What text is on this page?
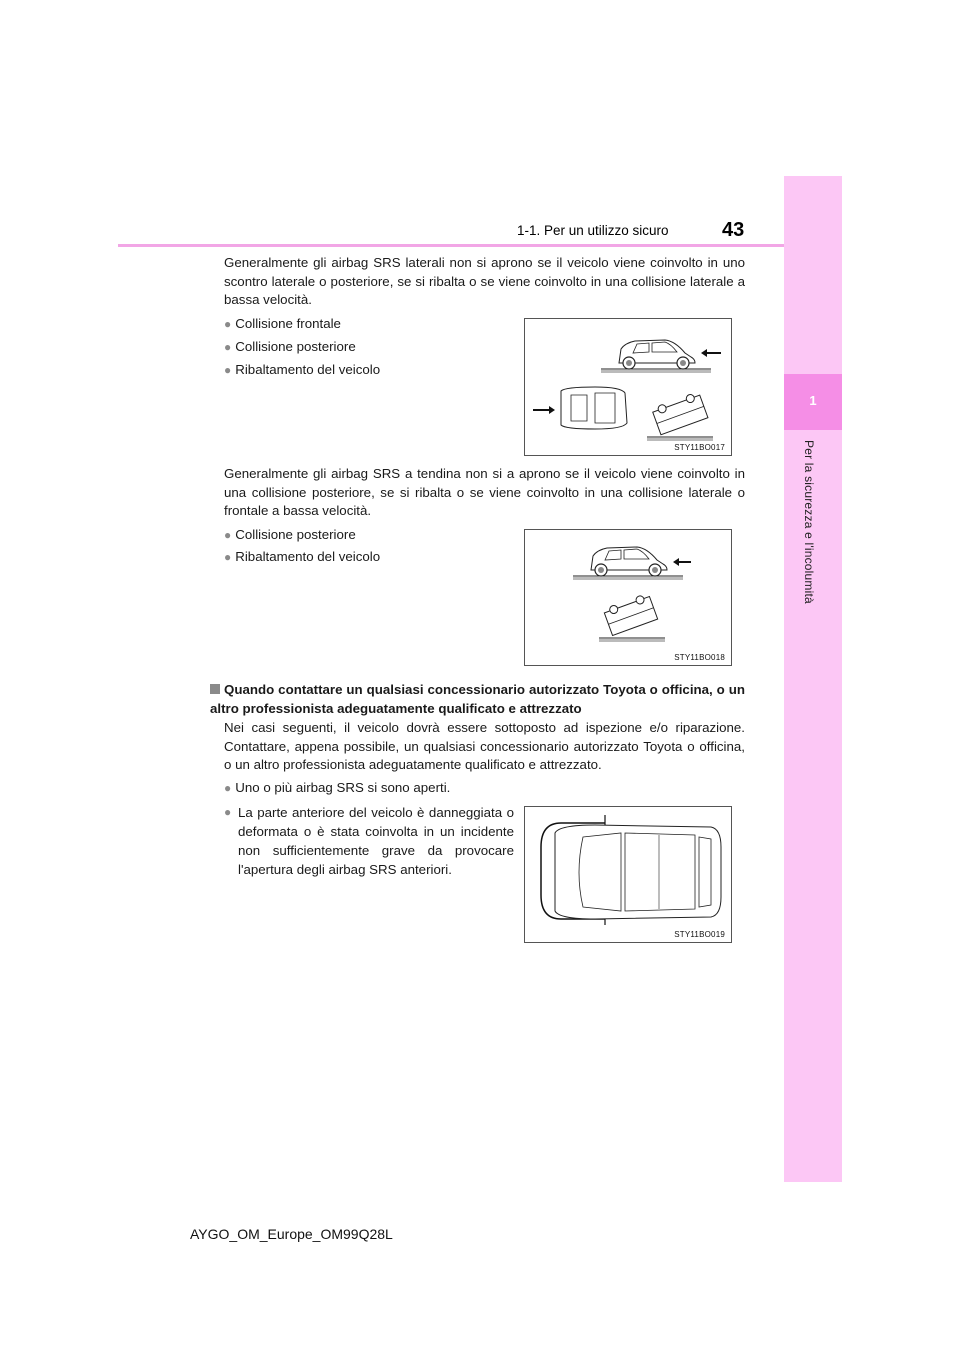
1-1. Per un utilizzo sicuro	43
1
Per la sicurezza e l'incolumità
Generalmente gli airbag SRS laterali non si aprono se il veicolo viene coinvolto in uno scontro laterale o posteriore, se si ribalta o se viene coinvolto in una collisione laterale a bassa velocità.
● Collisione frontale
● Collisione posteriore
● Ribaltamento del veicolo
STY11BO017
Generalmente gli airbag SRS a tendina non si a aprono se il veicolo viene coinvolto in una collisione posteriore, se si ribalta o se viene coinvolto in una collisione laterale o frontale a bassa velocità.
● Collisione posteriore
● Ribaltamento del veicolo
STY11BO018
Quando contattare un qualsiasi concessionario autorizzato Toyota o officina, o un altro professionista adeguatamente qualificato e attrezzato
Nei casi seguenti, il veicolo dovrà essere sottoposto ad ispezione e/o riparazione. Contattare, appena possibile, un qualsiasi concessionario autorizzato Toyota o officina, o un altro professionista adeguatamente qualificato e attrezzato.
● Uno o più airbag SRS si sono aperti.
● La parte anteriore del veicolo è danneggiata o deformata o è stata coinvolta in un incidente non sufficientemente grave da provocare l'apertura degli airbag SRS anteriori.
STY11BO019
AYGO_OM_Europe_OM99Q28L
